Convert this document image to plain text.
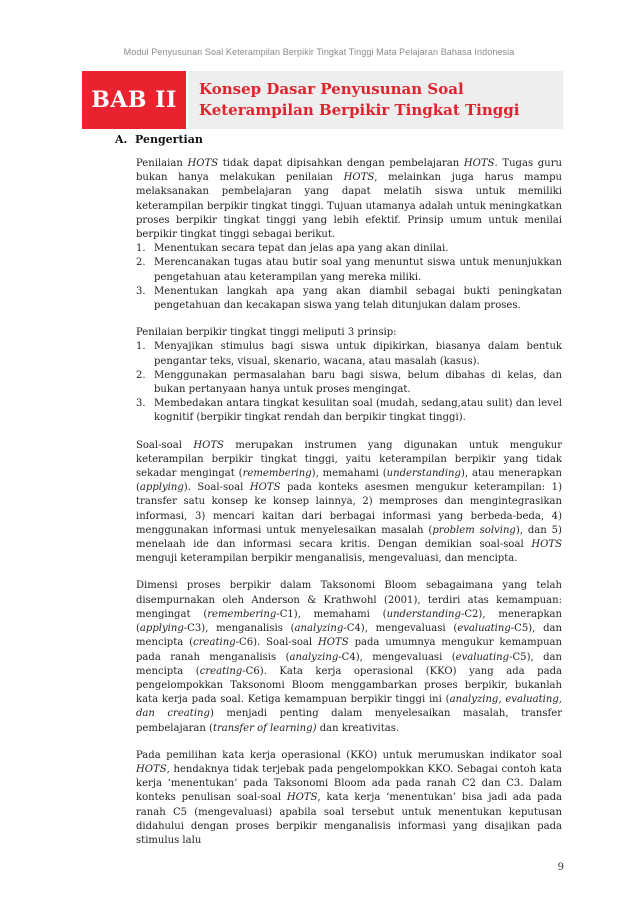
Modul Penyusunan Soal Keterampilan Berpikir Tingkat Tinggi Mata Pelajaran Bahasa Indonesia
BAB II	Konsep Dasar Penyusunan Soal
Keterampilan Berpikir Tingkat Tinggi
A. Pengertian

Penilaian HOTS tidak dapat dipisahkan dengan pembelajaran HOTS. Tugas guru bukan hanya melakukan penilaian HOTS, melainkan juga harus mampu melaksanakan pembelajaran yang dapat melatih siswa untuk memiliki keterampilan berpikir tingkat tinggi. Tujuan utamanya adalah untuk meningkatkan proses berpikir tingkat tinggi yang lebih efektif. Prinsip umum untuk menilai berpikir tingkat tinggi sebagai berikut.

1. Menentukan secara tepat dan jelas apa yang akan dinilai.
2. Merencanakan tugas atau butir soal yang menuntut siswa untuk menunjukkan pengetahuan atau keterampilan yang mereka miliki.
3. Menentukan langkah apa yang akan diambil sebagai bukti peningkatan pengetahuan dan kecakapan siswa yang telah ditunjukan dalam proses.

Penilaian berpikir tingkat tinggi meliputi 3 prinsip:

1. Menyajikan stimulus bagi siswa untuk dipikirkan, biasanya dalam bentuk pengantar teks, visual, skenario, wacana, atau masalah (kasus).
2. Menggunakan permasalahan baru bagi siswa, belum dibahas di kelas, dan bukan pertanyaan hanya untuk proses mengingat.
3. Membedakan antara tingkat kesulitan soal (mudah, sedang,atau sulit) dan level kognitif (berpikir tingkat rendah dan berpikir tingkat tinggi).

Soal-soal HOTS merupakan instrumen yang digunakan untuk mengukur keterampilan berpikir tingkat tinggi, yaitu keterampilan berpikir yang tidak sekadar mengingat (remembering), memahami (understanding), atau menerapkan (applying). Soal-soal HOTS pada konteks asesmen mengukur keterampilan: 1) transfer satu konsep ke konsep lainnya, 2) memproses dan mengintegrasikan informasi, 3) mencari kaitan dari berbagai informasi yang berbeda-beda, 4) menggunakan informasi untuk menyelesaikan masalah (problem solving), dan 5) menelaah ide dan informasi secara kritis. Dengan demikian soal-soal HOTS menguji keterampilan berpikir menganalisis, mengevaluasi, dan mencipta.

Dimensi proses berpikir dalam Taksonomi Bloom sebagaimana yang telah disempurnakan oleh Anderson & Krathwohl (2001), terdiri atas kemampuan: mengingat (remembering-C1), memahami (understanding-C2), menerapkan (applying-C3), menganalisis (analyzing-C4), mengevaluasi (evaluating-C5), dan mencipta (creating-C6). Soal-soal HOTS pada umumnya mengukur kemampuan pada ranah menganalisis (analyzing-C4), mengevaluasi (evaluating-C5), dan mencipta (creating-C6). Kata kerja operasional (KKO) yang ada pada pengelompokkan Taksonomi Bloom menggambarkan proses berpikir, bukanlah kata kerja pada soal. Ketiga kemampuan berpikir tinggi ini (analyzing, evaluating, dan creating) menjadi penting dalam menyelesaikan masalah, transfer pembelajaran (transfer of learning) dan kreativitas.

Pada pemilihan kata kerja operasional (KKO) untuk merumuskan indikator soal HOTS, hendaknya tidak terjebak pada pengelompokkan KKO. Sebagai contoh kata kerja ‘menentukan’ pada Taksonomi Bloom ada pada ranah C2 dan C3. Dalam konteks penulisan soal-soal HOTS, kata kerja ‘menentukan’ bisa jadi ada pada ranah C5 (mengevaluasi) apabila soal tersebut untuk menentukan keputusan didahului dengan proses berpikir menganalisis informasi yang disajikan pada stimulus lalu

9
